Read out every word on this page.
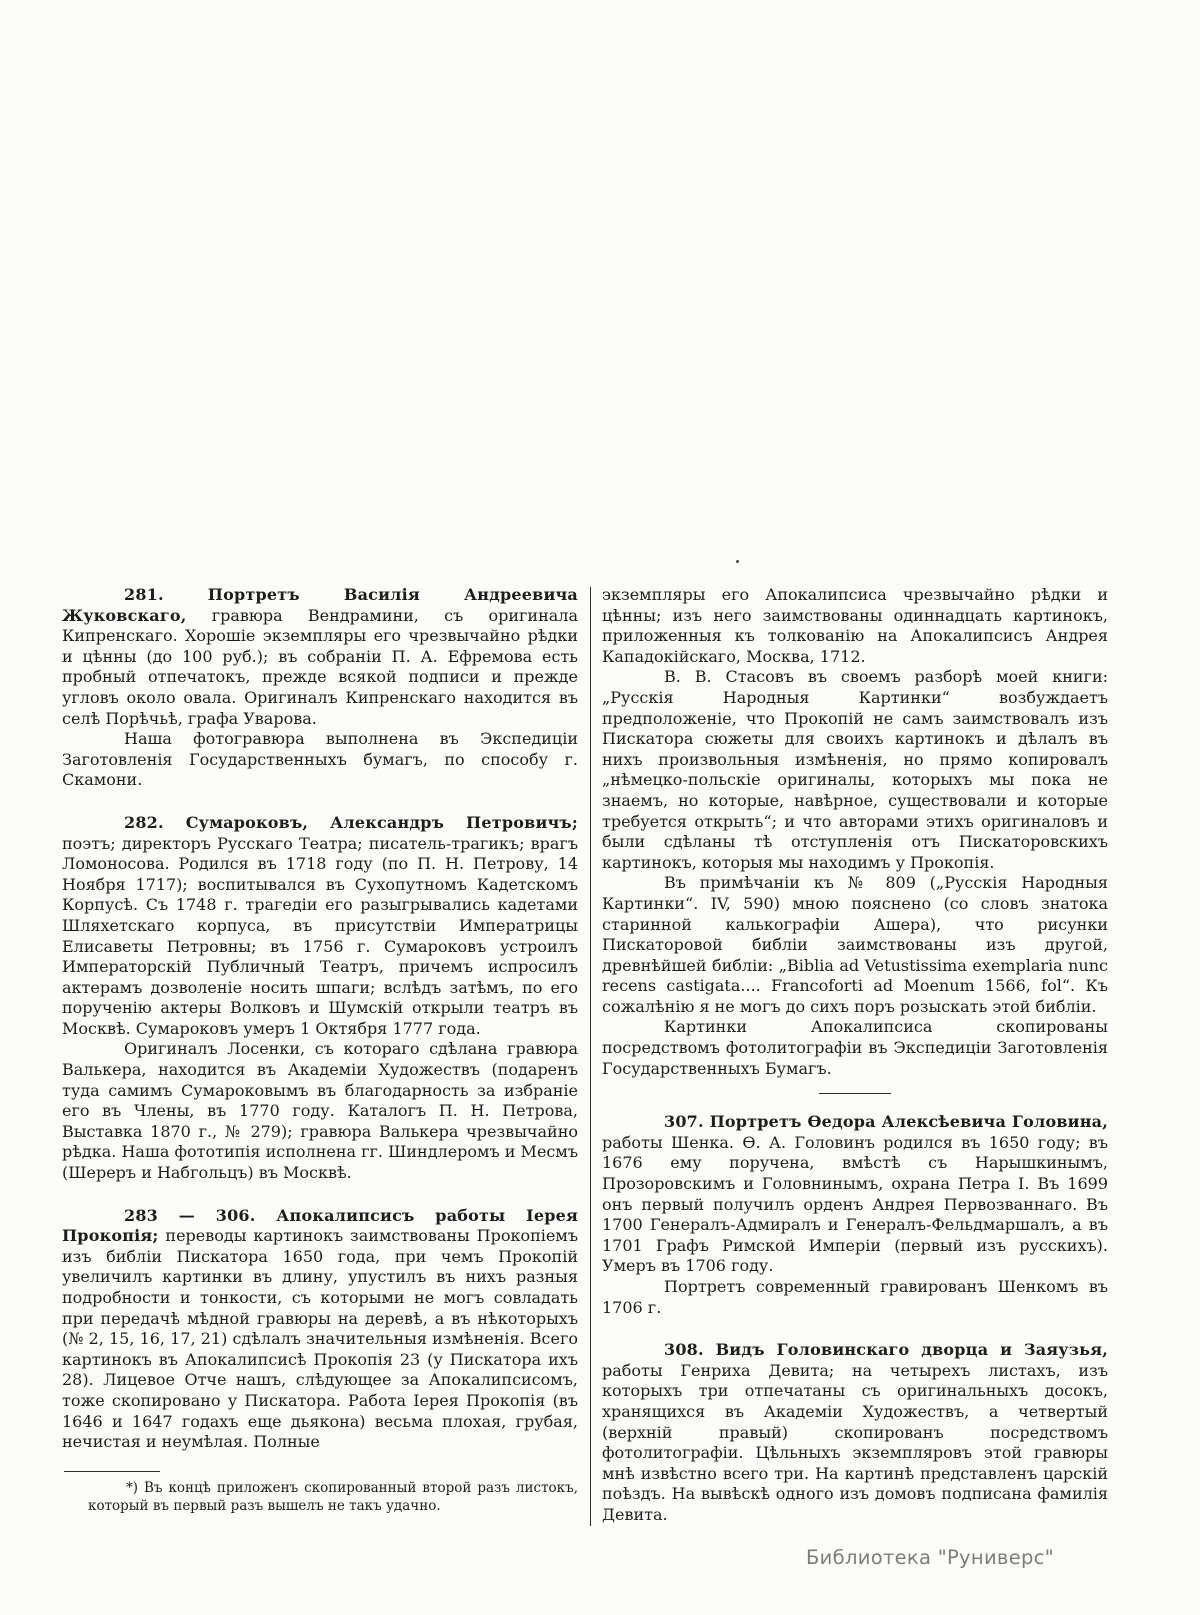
281. Портретъ Василія Андреевича Жуковскаго, гравюра Вендрамини, съ оригинала Кипренскаго. Хорошіе экземпляры его чрезвычайно рѣдки и цѣнны (до 100 руб.); въ собраніи П. А. Ефремова есть пробный отпечатокъ, прежде всякой подписи и прежде угловъ около овала. Оригиналъ Кипренскаго находится въ селѣ Порѣчьѣ, графа Уварова.

Наша фотогравюра выполнена въ Экспедиціи Заготовленія Государственныхъ бумагъ, по способу г. Скамони.

282. Сумароковъ, Александръ Петровичъ; поэтъ; директоръ Русскаго Театра; писатель-трагикъ; врагъ Ломоносова. Родился въ 1718 году (по П. Н. Петрову, 14 Ноября 1717); воспитывался въ Сухопутномъ Кадетскомъ Корпусѣ. Съ 1748 г. трагедіи его разыгрывались кадетами Шляхетскаго корпуса, въ присутствіи Императрицы Елисаветы Петровны; въ 1756 г. Сумароковъ устроилъ Императорскій Публичный Театръ, причемъ испросилъ актерамъ дозволеніе носить шпаги; вслѣдъ затѣмъ, по его порученію актеры Волковъ и Шумскій открыли театръ въ Москвѣ. Сумароковъ умеръ 1 Октября 1777 года.

Оригиналъ Лосенки, съ котораго сдѣлана гравюра Валькера, находится въ Академіи Художествъ (подаренъ туда самимъ Сумароковымъ въ благодарность за избраніе его въ Члены, въ 1770 году. Каталогъ П. Н. Петрова, Выставка 1870 г., № 279); гравюра Валькера чрезвычайно рѣдка. Наша фототипія исполнена гг. Шиндлеромъ и Месмъ (Шереръ и Набгольцъ) въ Москвѣ.

283 — 306. Апокалипсисъ работы Іерея Прокопія; переводы картинокъ заимствованы Прокопіемъ изъ библіи Пискатора 1650 года, при чемъ Прокопій увеличилъ картинки въ длину, упустилъ въ нихъ разныя подробности и тонкости, съ которыми не могъ совладать при передачѣ мѣдной гравюры на деревѣ, а въ нѣкоторыхъ (№ 2, 15, 16, 17, 21) сдѣлалъ значительныя измѣненія. Всего картинокъ въ Апокалипсисѣ Прокопія 23 (у Пискатора ихъ 28). Лицевое Отче нашъ, слѣдующее за Апокалипсисомъ, тоже скопировано у Пискатора. Работа Іерея Прокопія (въ 1646 и 1647 годахъ еще дьякона) весьма плохая, грубая, нечистая и неумѣлая. Полные

*) Въ концѣ приложенъ скопированный второй разъ листокъ, который въ первый разъ вышелъ не такъ удачно.

экземпляры его Апокалипсиса чрезвычайно рѣдки и цѣнны; изъ него заимствованы одиннадцать картинокъ, приложенныя къ толкованію на Апокалипсисъ Андрея Кападокійскаго, Москва, 1712.

В. В. Стасовъ въ своемъ разборѣ моей книги: „Русскія Народныя Картинки“ возбуждаетъ предположеніе, что Прокопій не самъ заимствовалъ изъ Пискатора сюжеты для своихъ картинокъ и дѣлалъ въ нихъ произвольныя измѣненія, но прямо копировалъ „нѣмецко-польскіе оригиналы, которыхъ мы пока не знаемъ, но которые, навѣрное, существовали и которые требуется открыть“; и что авторами этихъ оригиналовъ и были сдѣланы тѣ отступленія отъ Пискаторовскихъ картинокъ, которыя мы находимъ у Прокопія.

Въ примѣчаніи къ № 809 („Русскія Народныя Картинки“. IV, 590) мною пояснено (со словъ знатока старинной калькографіи Ашера), что рисунки Пискаторовой библіи заимствованы изъ другой, древнѣйшей библіи: „Biblia ad Vetustissima exemplaria nunc recens castigata.... Francoforti ad Moenum 1566, fol“. Къ сожалѣнію я не могъ до сихъ поръ розыскать этой библіи.

Картинки Апокалипсиса скопированы посредствомъ фотолитографіи въ Экспедиціи Заготовленія Государственныхъ Бумагъ.

307. Портретъ Ѳедора Алексѣевича Головина, работы Шенка. Ѳ. А. Головинъ родился въ 1650 году; въ 1676 ему поручена, вмѣстѣ съ Нарышкинымъ, Прозоровскимъ и Головнинымъ, охрана Петра I. Въ 1699 онъ первый получилъ орденъ Андрея Первозваннаго. Въ 1700 Генералъ-Адмиралъ и Генералъ-Фельдмаршалъ, а въ 1701 Графъ Римской Имперіи (первый изъ русскихъ). Умеръ въ 1706 году.

Портретъ современный гравированъ Шенкомъ въ 1706 г.

308. Видъ Головинскаго дворца и Заяузья, работы Генриха Девита; на четырехъ листахъ, изъ которыхъ три отпечатаны съ оригинальныхъ досокъ, хранящихся въ Академіи Художествъ, а четвертый (верхній правый) скопированъ посредствомъ фотолитографіи. Цѣльныхъ экземпляровъ этой гравюры мнѣ извѣстно всего три. На картинѣ представленъ царскій поѣздъ. На вывѣскѣ одного изъ домовъ подписана фамилія Девита.

Библиотека "Руниверс"
